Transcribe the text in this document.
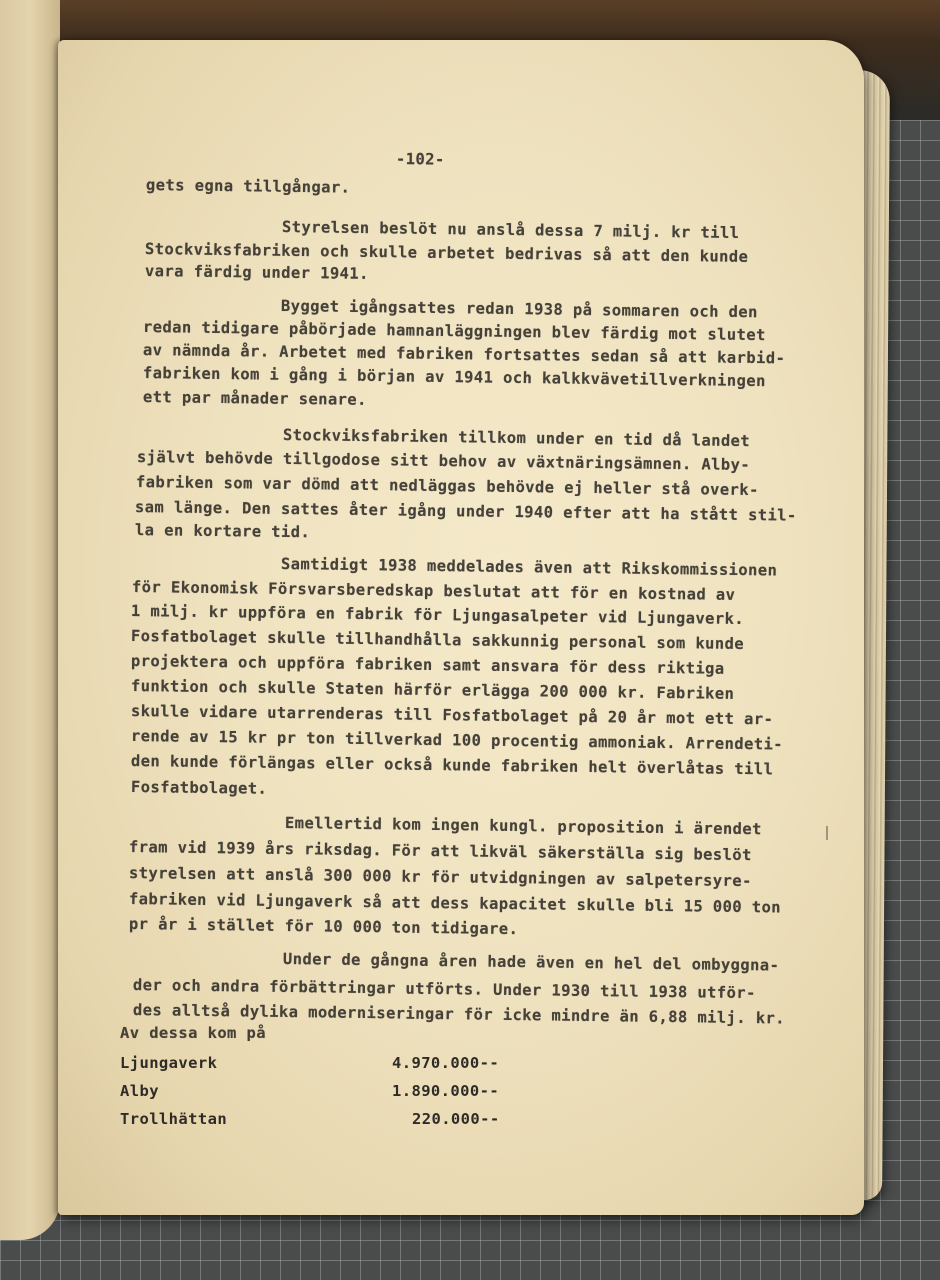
-102-
gets egna tillgångar.
Styrelsen beslöt nu anslå dessa 7 milj. kr till
Stockviksfabriken och skulle arbetet bedrivas så att den kunde
vara färdig under 1941.
Bygget igångsattes redan 1938 på sommaren och den
redan tidigare påbörjade hamnanläggningen blev färdig mot slutet
av nämnda år. Arbetet med fabriken fortsattes sedan så att karbid-
fabriken kom i gång i början av 1941 och kalkkvävetillverkningen
ett par månader senare.
Stockviksfabriken tillkom under en tid då landet
självt behövde tillgodose sitt behov av växtnäringsämnen. Alby-
fabriken som var dömd att nedläggas behövde ej heller stå overk-
sam länge. Den sattes åter igång under 1940 efter att ha stått stil-
la en kortare tid.
Samtidigt 1938 meddelades även att Rikskommissionen
för Ekonomisk Försvarsberedskap beslutat att för en kostnad av
1 milj. kr uppföra en fabrik för Ljungasalpeter vid Ljungaverk.
Fosfatbolaget skulle tillhandhålla sakkunnig personal som kunde
projektera och uppföra fabriken samt ansvara för dess riktiga
funktion och skulle Staten härför erlägga 200 000 kr. Fabriken
skulle vidare utarrenderas till Fosfatbolaget på 20 år mot ett ar-
rende av 15 kr pr ton tillverkad 100 procentig ammoniak. Arrendeti-
den kunde förlängas eller också kunde fabriken helt överlåtas till
Fosfatbolaget.
Emellertid kom ingen kungl. proposition i ärendet
fram vid 1939 års riksdag. För att likväl säkerställa sig beslöt
styrelsen att anslå 300 000 kr för utvidgningen av salpetersyre-
fabriken vid Ljungaverk så att dess kapacitet skulle bli 15 000 ton
pr år i stället för 10 000 ton tidigare.
Under de gångna åren hade även en hel del ombyggna-
der och andra förbättringar utförts. Under 1930 till 1938 utför-
des alltså dylika moderniseringar för icke mindre än 6,88 milj. kr.
Av dessa kom på
Ljungaverk	4.970.000--
Alby	1.890.000--
Trollhättan	220.000--
